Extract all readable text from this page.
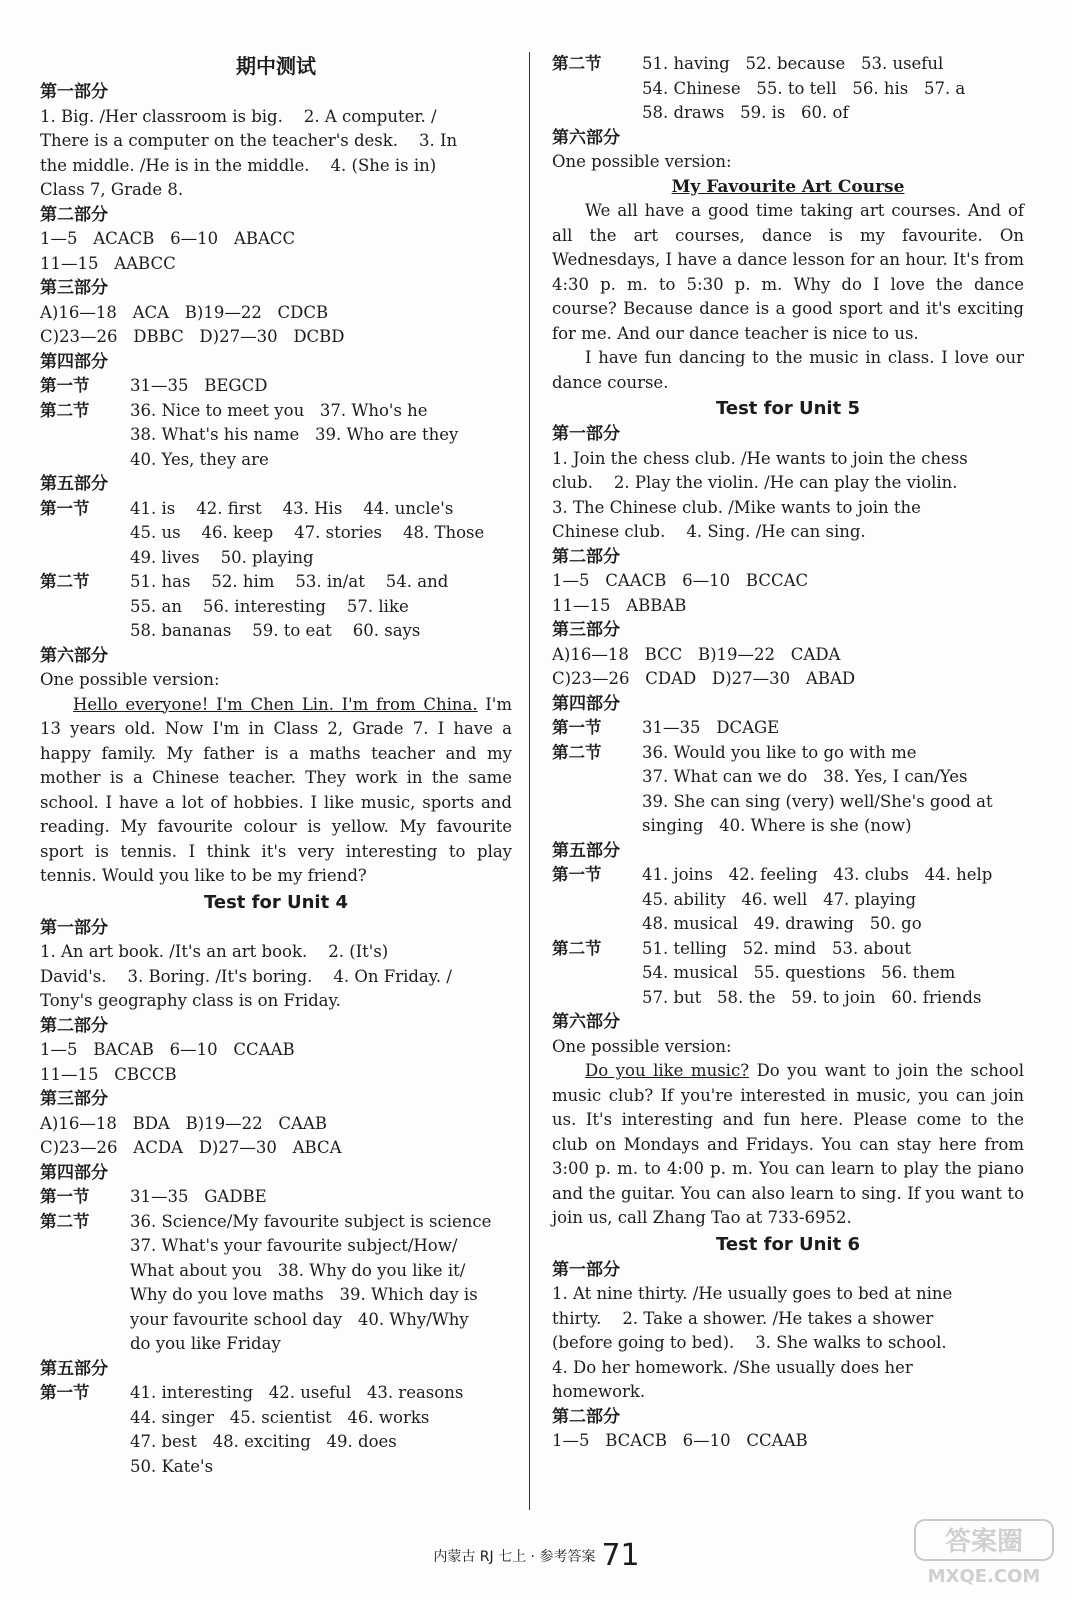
期中测试
第一部分
1. Big. /Her classroom is big.    2. A computer. /
There is a computer on the teacher's desk.    3. In
the middle. /He is in the middle.    4. (She is in)
Class 7, Grade 8.
第二部分
1—5   ACACB   6—10   ABACC
11—15   AABCC
第三部分
A)16—18   ACA   B)19—22   CDCB
C)23—26   DBBC   D)27—30   DCBD
第四部分
第一节	31—35   BEGCD
第二节	36. Nice to meet you   37. Who's he
38. What's his name   39. Who are they
40. Yes, they are
第五部分
第一节	41. is    42. first    43. His    44. uncle's
45. us    46. keep    47. stories    48. Those
49. lives    50. playing
第二节	51. has    52. him    53. in/at    54. and
55. an    56. interesting    57. like
58. bananas    59. to eat    60. says
第六部分
One possible version:
Hello everyone! I'm Chen Lin. I'm from China. I'm 13 years old. Now I'm in Class 2, Grade 7. I have a happy family. My father is a maths teacher and my mother is a Chinese teacher. They work in the same school. I have a lot of hobbies. I like music, sports and reading. My favourite colour is yellow. My favourite sport is tennis. I think it's very interesting to play tennis. Would you like to be my friend?
Test for Unit 4
第一部分
1. An art book. /It's an art book.    2. (It's)
David's.    3. Boring. /It's boring.    4. On Friday. /
Tony's geography class is on Friday.
第二部分
1—5   BACAB   6—10   CCAAB
11—15   CBCCB
第三部分
A)16—18   BDA   B)19—22   CAAB
C)23—26   ACDA   D)27—30   ABCA
第四部分
第一节	31—35   GADBE
第二节	36. Science/My favourite subject is science
37. What's your favourite subject/How/
What about you   38. Why do you like it/
Why do you love maths   39. Which day is
your favourite school day   40. Why/Why
do you like Friday
第五部分
第一节	41. interesting   42. useful   43. reasons
44. singer   45. scientist   46. works
47. best   48. exciting   49. does
50. Kate's
第二节	51. having   52. because   53. useful
54. Chinese   55. to tell   56. his   57. a
58. draws   59. is   60. of
第六部分
One possible version:
My Favourite Art Course
We all have a good time taking art courses. And of all the art courses, dance is my favourite. On Wednesdays, I have a dance lesson for an hour. It's from 4:30 p. m. to 5:30 p. m. Why do I love the dance course? Because dance is a good sport and it's exciting for me. And our dance teacher is nice to us.
I have fun dancing to the music in class. I love our dance course.
Test for Unit 5
第一部分
1. Join the chess club. /He wants to join the chess
club.    2. Play the violin. /He can play the violin.
3. The Chinese club. /Mike wants to join the
Chinese club.    4. Sing. /He can sing.
第二部分
1—5   CAACB   6—10   BCCAC
11—15   ABBAB
第三部分
A)16—18   BCC   B)19—22   CADA
C)23—26   CDAD   D)27—30   ABAD
第四部分
第一节	31—35   DCAGE
第二节	36. Would you like to go with me
37. What can we do   38. Yes, I can/Yes
39. She can sing (very) well/She's good at
singing   40. Where is she (now)
第五部分
第一节	41. joins   42. feeling   43. clubs   44. help
45. ability   46. well   47. playing
48. musical   49. drawing   50. go
第二节	51. telling   52. mind   53. about
54. musical   55. questions   56. them
57. but   58. the   59. to join   60. friends
第六部分
One possible version:
Do you like music? Do you want to join the school music club? If you're interested in music, you can join us. It's interesting and fun here. Please come to the club on Mondays and Fridays. You can stay here from 3:00 p. m. to 4:00 p. m. You can learn to play the piano and the guitar. You can also learn to sing. If you want to join us, call Zhang Tao at 733-6952.
Test for Unit 6
第一部分
1. At nine thirty. /He usually goes to bed at nine
thirty.    2. Take a shower. /He takes a shower
(before going to bed).    3. She walks to school.
4. Do her homework. /She usually does her
homework.
第二部分
1—5   BCACB   6—10   CCAAB
内蒙古 RJ 七上 · 参考答案 71	答案圈
MXQE.COM
